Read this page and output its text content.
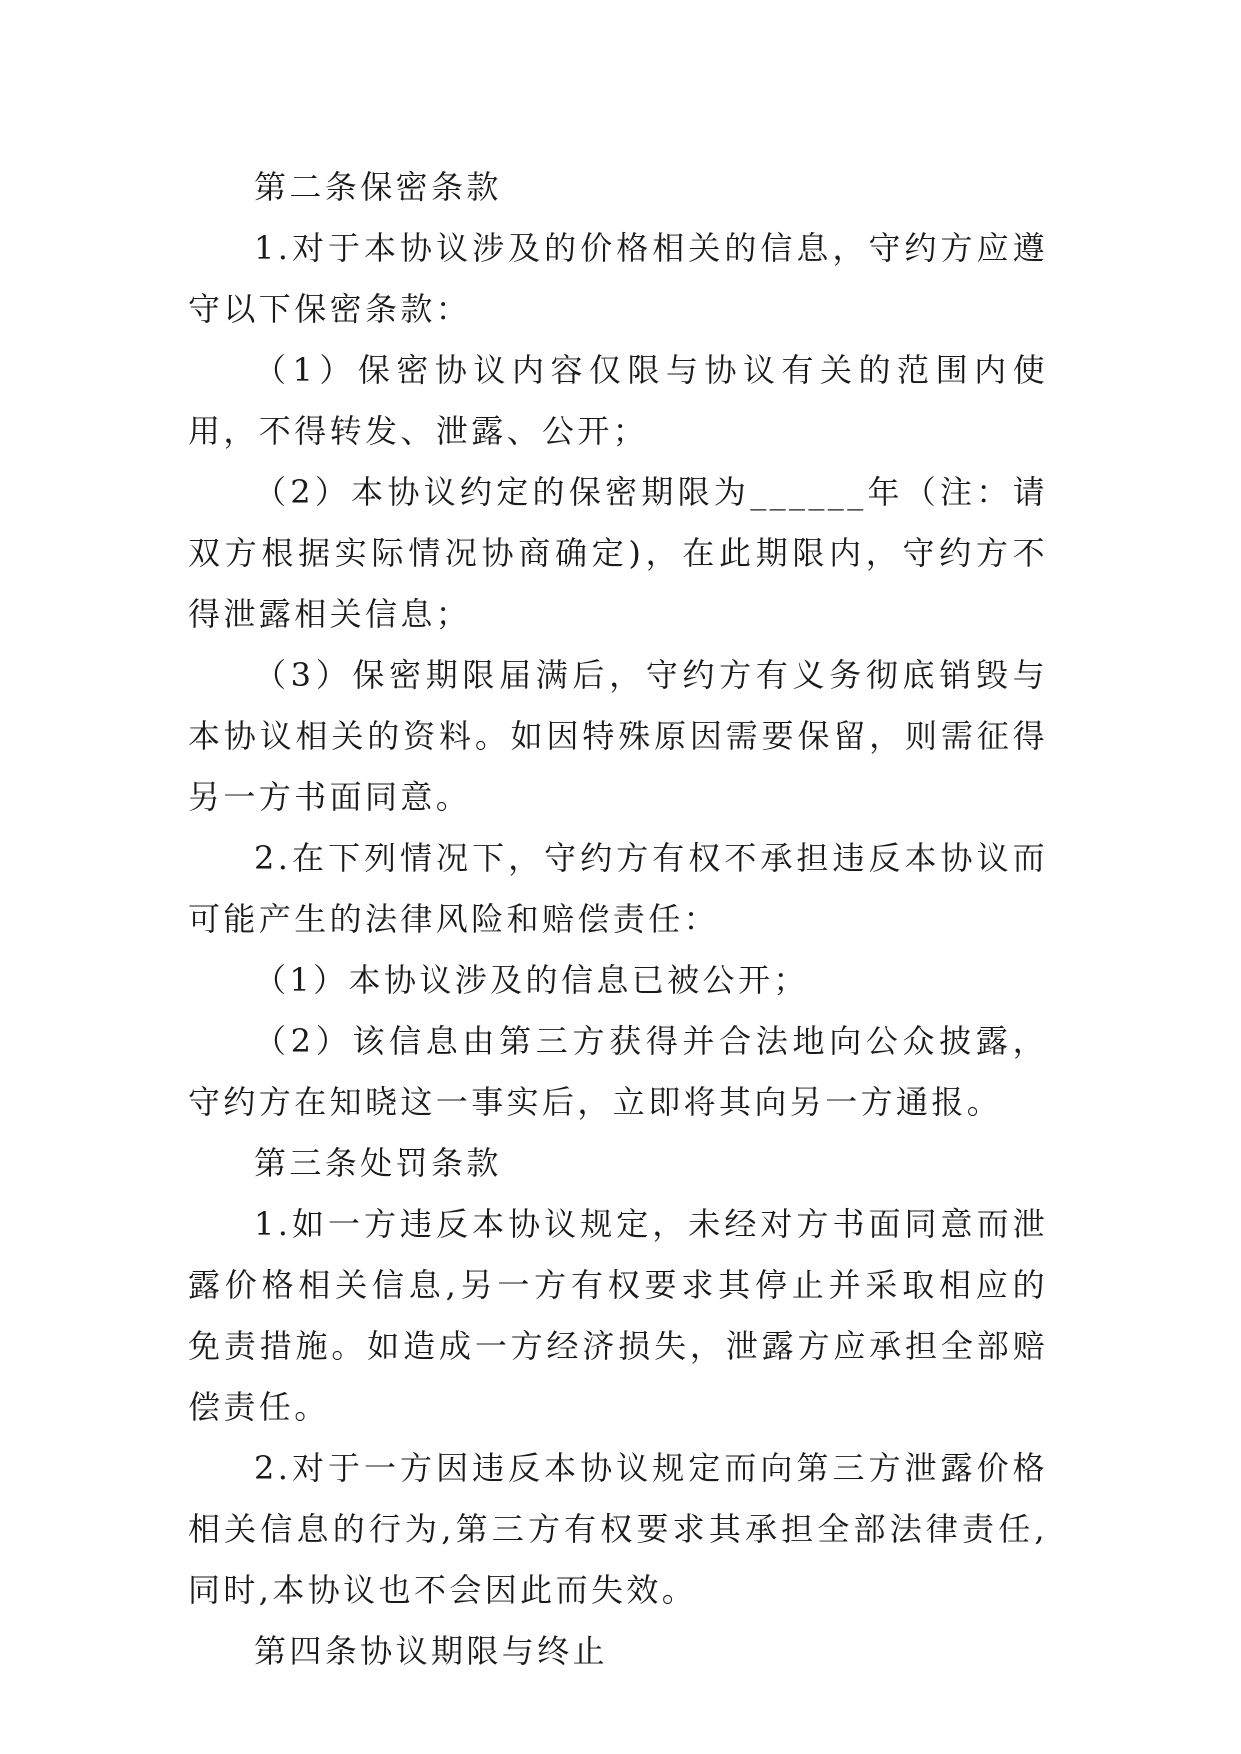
第二条保密条款

1.对于本协议涉及的价格相关的信息，守约方应遵守以下保密条款：

（1）保密协议内容仅限与协议有关的范围内使用，不得转发、泄露、公开；

（2）本协议约定的保密期限为______年（注：请双方根据实际情况协商确定)，在此期限内，守约方不得泄露相关信息；

（3）保密期限届满后，守约方有义务彻底销毁与本协议相关的资料。如因特殊原因需要保留，则需征得另一方书面同意。

2.在下列情况下，守约方有权不承担违反本协议而可能产生的法律风险和赔偿责任：

（1）本协议涉及的信息已被公开；

（2）该信息由第三方获得并合法地向公众披露，守约方在知晓这一事实后，立即将其向另一方通报。

第三条处罚条款

1.如一方违反本协议规定，未经对方书面同意而泄露价格相关信息,另一方有权要求其停止并采取相应的免责措施。如造成一方经济损失，泄露方应承担全部赔偿责任。

2.对于一方因违反本协议规定而向第三方泄露价格相关信息的行为,第三方有权要求其承担全部法律责任,同时,本协议也不会因此而失效。

第四条协议期限与终止
